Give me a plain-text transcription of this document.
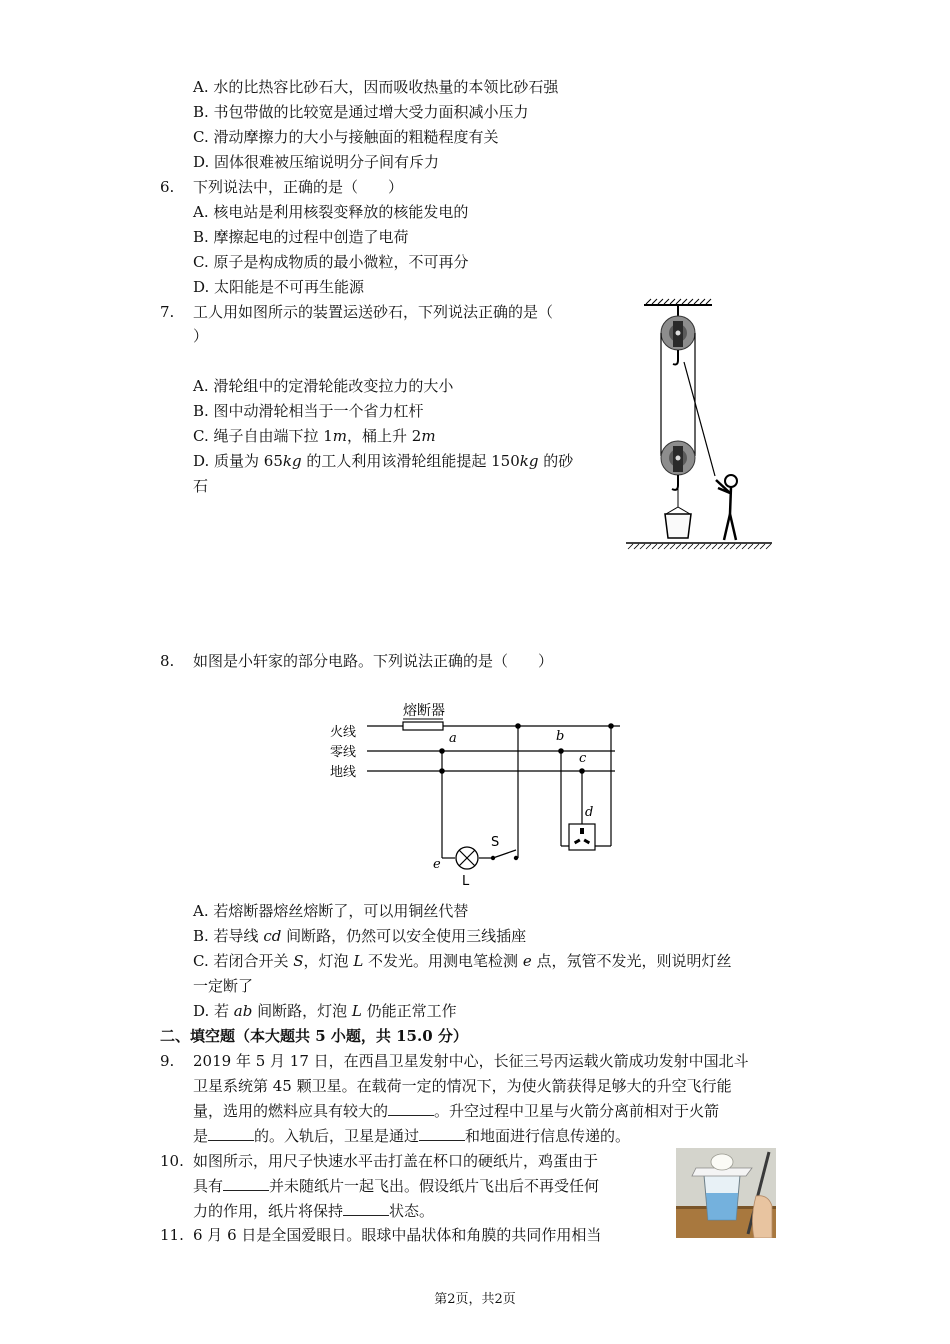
A. 水的比热容比砂石大，因而吸收热量的本领比砂石强
B. 书包带做的比较宽是通过增大受力面积减小压力
C. 滑动摩擦力的大小与接触面的粗糙程度有关
D. 固体很难被压缩说明分子间有斥力
6. 下列说法中，正确的是（　　）
A. 核电站是利用核裂变释放的核能发电的
B. 摩擦起电的过程中创造了电荷
C. 原子是构成物质的最小微粒，不可再分
D. 太阳能是不可再生能源
7. 工人用如图所示的装置运送砂石，下列说法正确的是（
）
A. 滑轮组中的定滑轮能改变拉力的大小
B. 图中动滑轮相当于一个省力杠杆
C. 绳子自由端下拉 1m，桶上升 2m
D. 质量为 65kg 的工人利用该滑轮组能提起 150kg 的砂
石
8. 如图是小轩家的部分电路。下列说法正确的是（　　）
熔断器
火线
零线
地线
a	b
c
d
e
S
L
A. 若熔断器熔丝熔断了，可以用铜丝代替
B. 若导线 cd 间断路，仍然可以安全使用三线插座
C. 若闭合开关 S，灯泡 L 不发光。用测电笔检测 e 点，氖管不发光，则说明灯丝
一定断了
D. 若 ab 间断路，灯泡 L 仍能正常工作
二、填空题（本大题共 5 小题，共 15.0 分）
9. 2019 年 5 月 17 日，在西昌卫星发射中心，长征三号丙运载火箭成功发射中国北斗
卫星系统第 45 颗卫星。在载荷一定的情况下，为使火箭获得足够大的升空飞行能
量，选用的燃料应具有较大的	。升空过程中卫星与火箭分离前相对于火箭
是	的。入轨后，卫星是通过	和地面进行信息传递的。
10. 如图所示，用尺子快速水平击打盖在杯口的硬纸片，鸡蛋由于
具有	并未随纸片一起飞出。假设纸片飞出后不再受任何
力的作用，纸片将保持	状态。
11. 6 月 6 日是全国爱眼日。眼球中晶状体和角膜的共同作用相当
第2页，共2页
